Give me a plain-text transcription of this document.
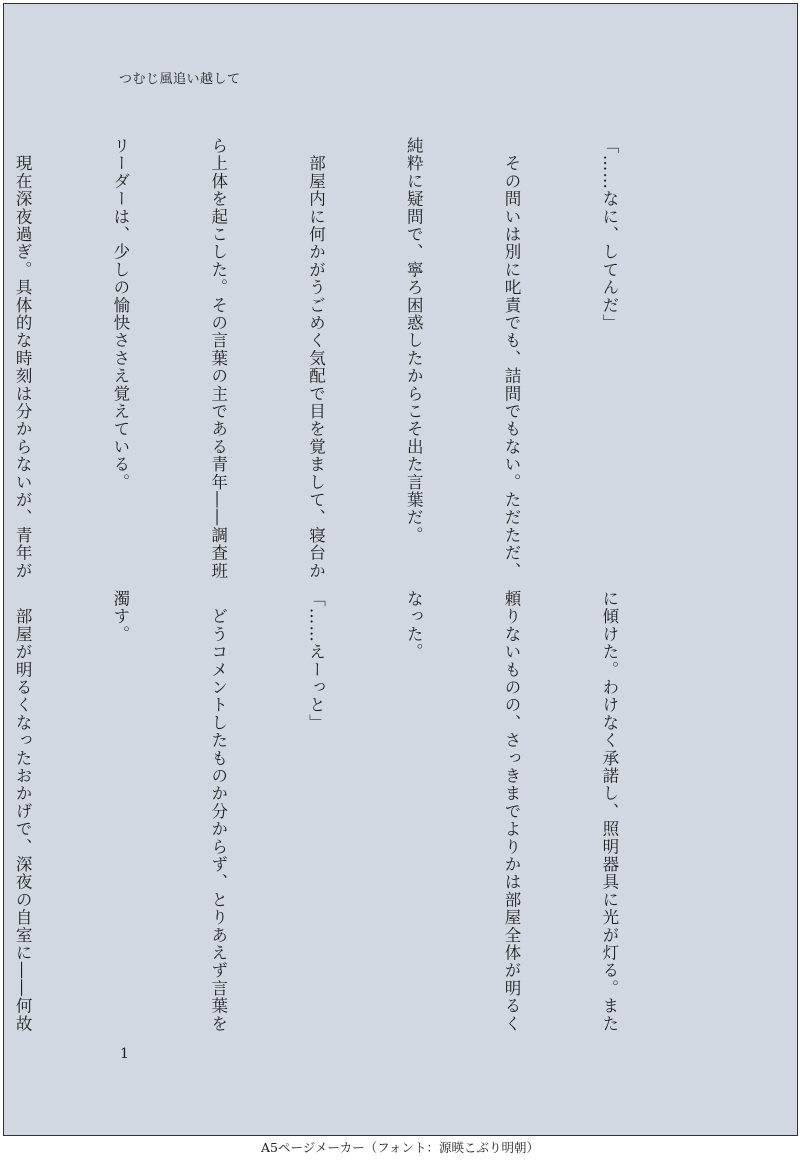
つむじ風追い越して

「……なに、してんだ」

　その問いは別に叱責でも、詰問でもない。ただただ、

純粋に疑問で、寧ろ困惑したからこそ出た言葉だ。

　部屋内に何かがうごめく気配で目を覚まして、寝台か

ら上体を起こした。その言葉の主である青年――調査班

リーダーは、少しの愉快ささえ覚えている。

　現在深夜過ぎ。具体的な時刻は分からないが、青年が

に傾けた。わけなく承諾し、照明器具に光が灯る。また

頼りないものの、さっきまでよりかは部屋全体が明るく

なった。

「……えーっと」

　どうコメントしたものか分からず、とりあえず言葉を

濁す。

　部屋が明るくなったおかげで、深夜の自室に――何故

1
A5ページメーカー（フォント：源暎こぶり明朝）
